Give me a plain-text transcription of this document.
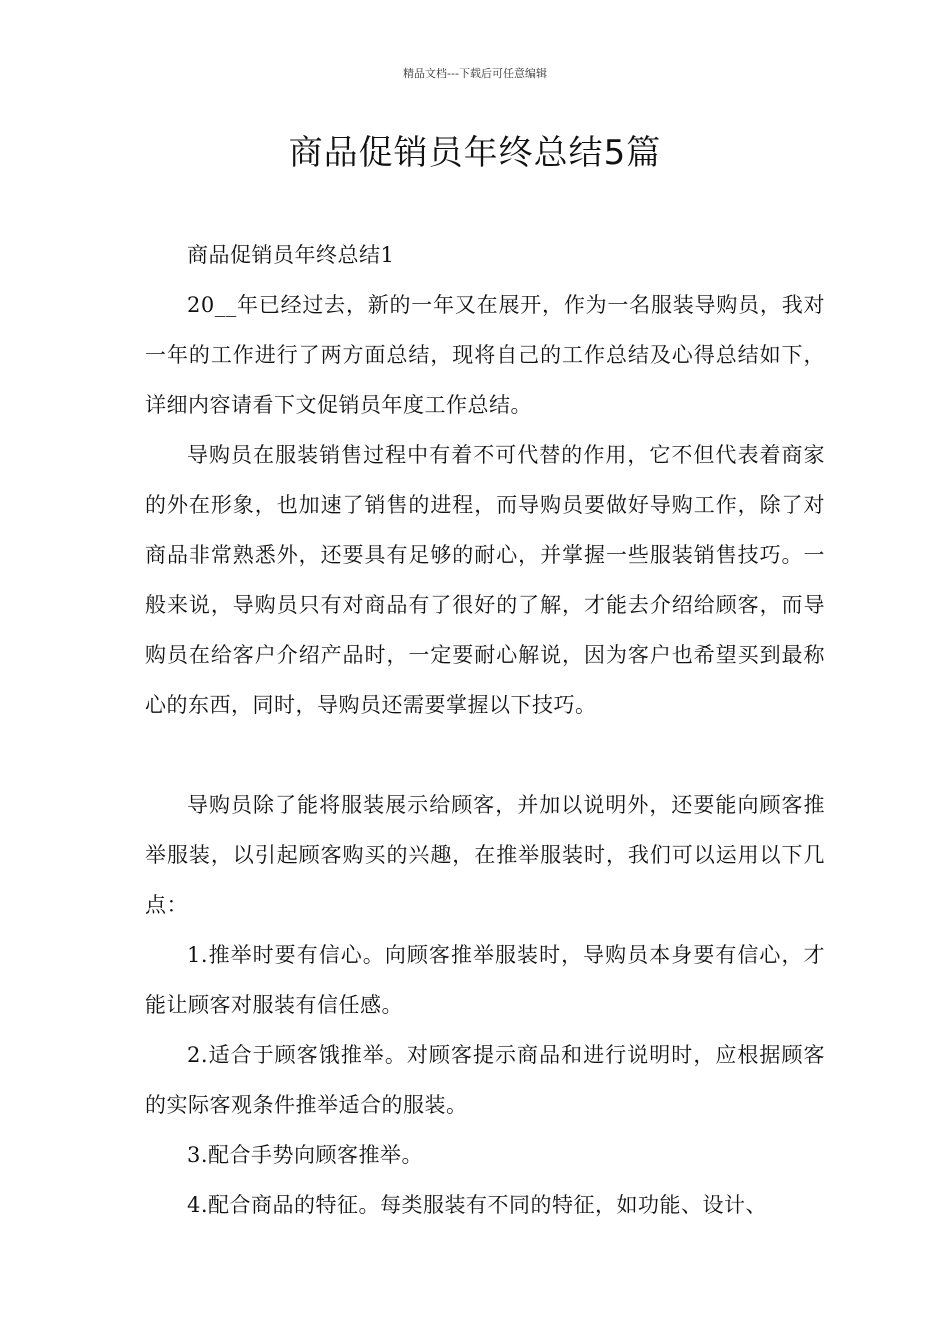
精品文档---下载后可任意编辑
商品促销员年终总结5篇

商品促销员年终总结1

20__年已经过去，新的一年又在展开，作为一名服装导购员，我对一年的工作进行了两方面总结，现将自己的工作总结及心得总结如下，详细内容请看下文促销员年度工作总结。

导购员在服装销售过程中有着不可代替的作用，它不但代表着商家的外在形象，也加速了销售的进程，而导购员要做好导购工作，除了对商品非常熟悉外，还要具有足够的耐心，并掌握一些服装销售技巧。一般来说，导购员只有对商品有了很好的了解，才能去介绍给顾客，而导购员在给客户介绍产品时，一定要耐心解说，因为客户也希望买到最称心的东西，同时，导购员还需要掌握以下技巧。

导购员除了能将服装展示给顾客，并加以说明外，还要能向顾客推举服装，以引起顾客购买的兴趣，在推举服装时，我们可以运用以下几点：

1.推举时要有信心。向顾客推举服装时，导购员本身要有信心，才能让顾客对服装有信任感。

2.适合于顾客饿推举。对顾客提示商品和进行说明时，应根据顾客的实际客观条件推举适合的服装。

3.配合手势向顾客推举。

4.配合商品的特征。每类服装有不同的特征，如功能、设计、
